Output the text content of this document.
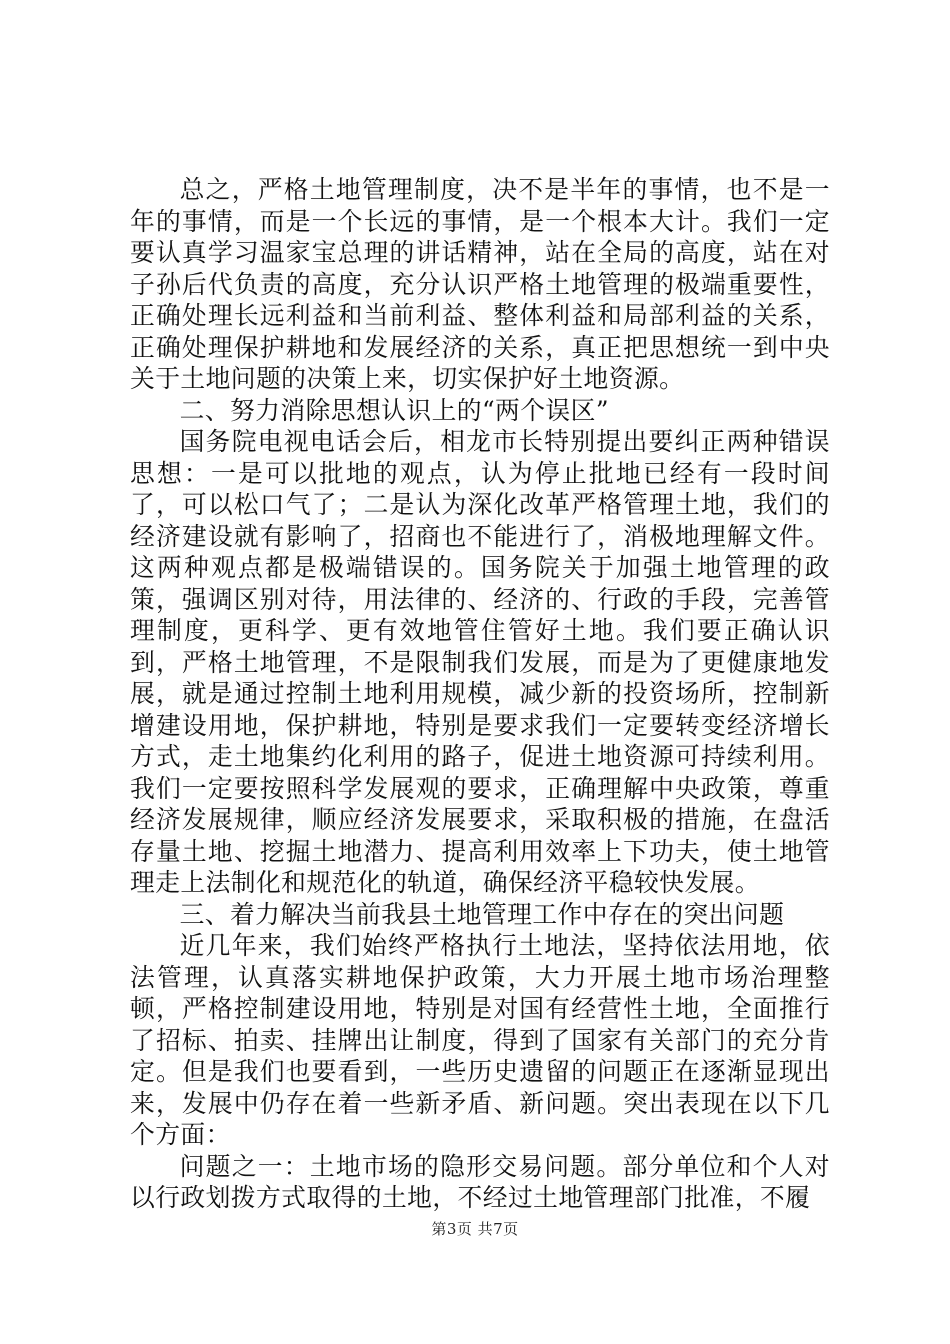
总之，严格土地管理制度，决不是半年的事情，也不是一年的事情，而是一个长远的事情，是一个根本大计。我们一定要认真学习温家宝总理的讲话精神，站在全局的高度，站在对子孙后代负责的高度，充分认识严格土地管理的极端重要性，正确处理长远利益和当前利益、整体利益和局部利益的关系，正确处理保护耕地和发展经济的关系，真正把思想统一到中央关于土地问题的决策上来，切实保护好土地资源。

二、努力消除思想认识上的“两个误区”

国务院电视电话会后，相龙市长特别提出要纠正两种错误思想：一是可以批地的观点，认为停止批地已经有一段时间了，可以松口气了；二是认为深化改革严格管理土地，我们的经济建设就有影响了，招商也不能进行了，消极地理解文件。这两种观点都是极端错误的。国务院关于加强土地管理的政策，强调区别对待，用法律的、经济的、行政的手段，完善管理制度，更科学、更有效地管住管好土地。我们要正确认识到，严格土地管理，不是限制我们发展，而是为了更健康地发展，就是通过控制土地利用规模，减少新的投资场所，控制新增建设用地，保护耕地，特别是要求我们一定要转变经济增长方式，走土地集约化利用的路子，促进土地资源可持续利用。我们一定要按照科学发展观的要求，正确理解中央政策，尊重经济发展规律，顺应经济发展要求，采取积极的措施，在盘活存量土地、挖掘土地潜力、提高利用效率上下功夫，使土地管理走上法制化和规范化的轨道，确保经济平稳较快发展。

三、着力解决当前我县土地管理工作中存在的突出问题

近几年来，我们始终严格执行土地法，坚持依法用地，依法管理，认真落实耕地保护政策，大力开展土地市场治理整顿，严格控制建设用地，特别是对国有经营性土地，全面推行了招标、拍卖、挂牌出让制度，得到了国家有关部门的充分肯定。但是我们也要看到，一些历史遗留的问题正在逐渐显现出来，发展中仍存在着一些新矛盾、新问题。突出表现在以下几个方面：

问题之一：土地市场的隐形交易问题。部分单位和个人对以行政划拨方式取得的土地，不经过土地管理部门批准，不履

第3页 共7页
